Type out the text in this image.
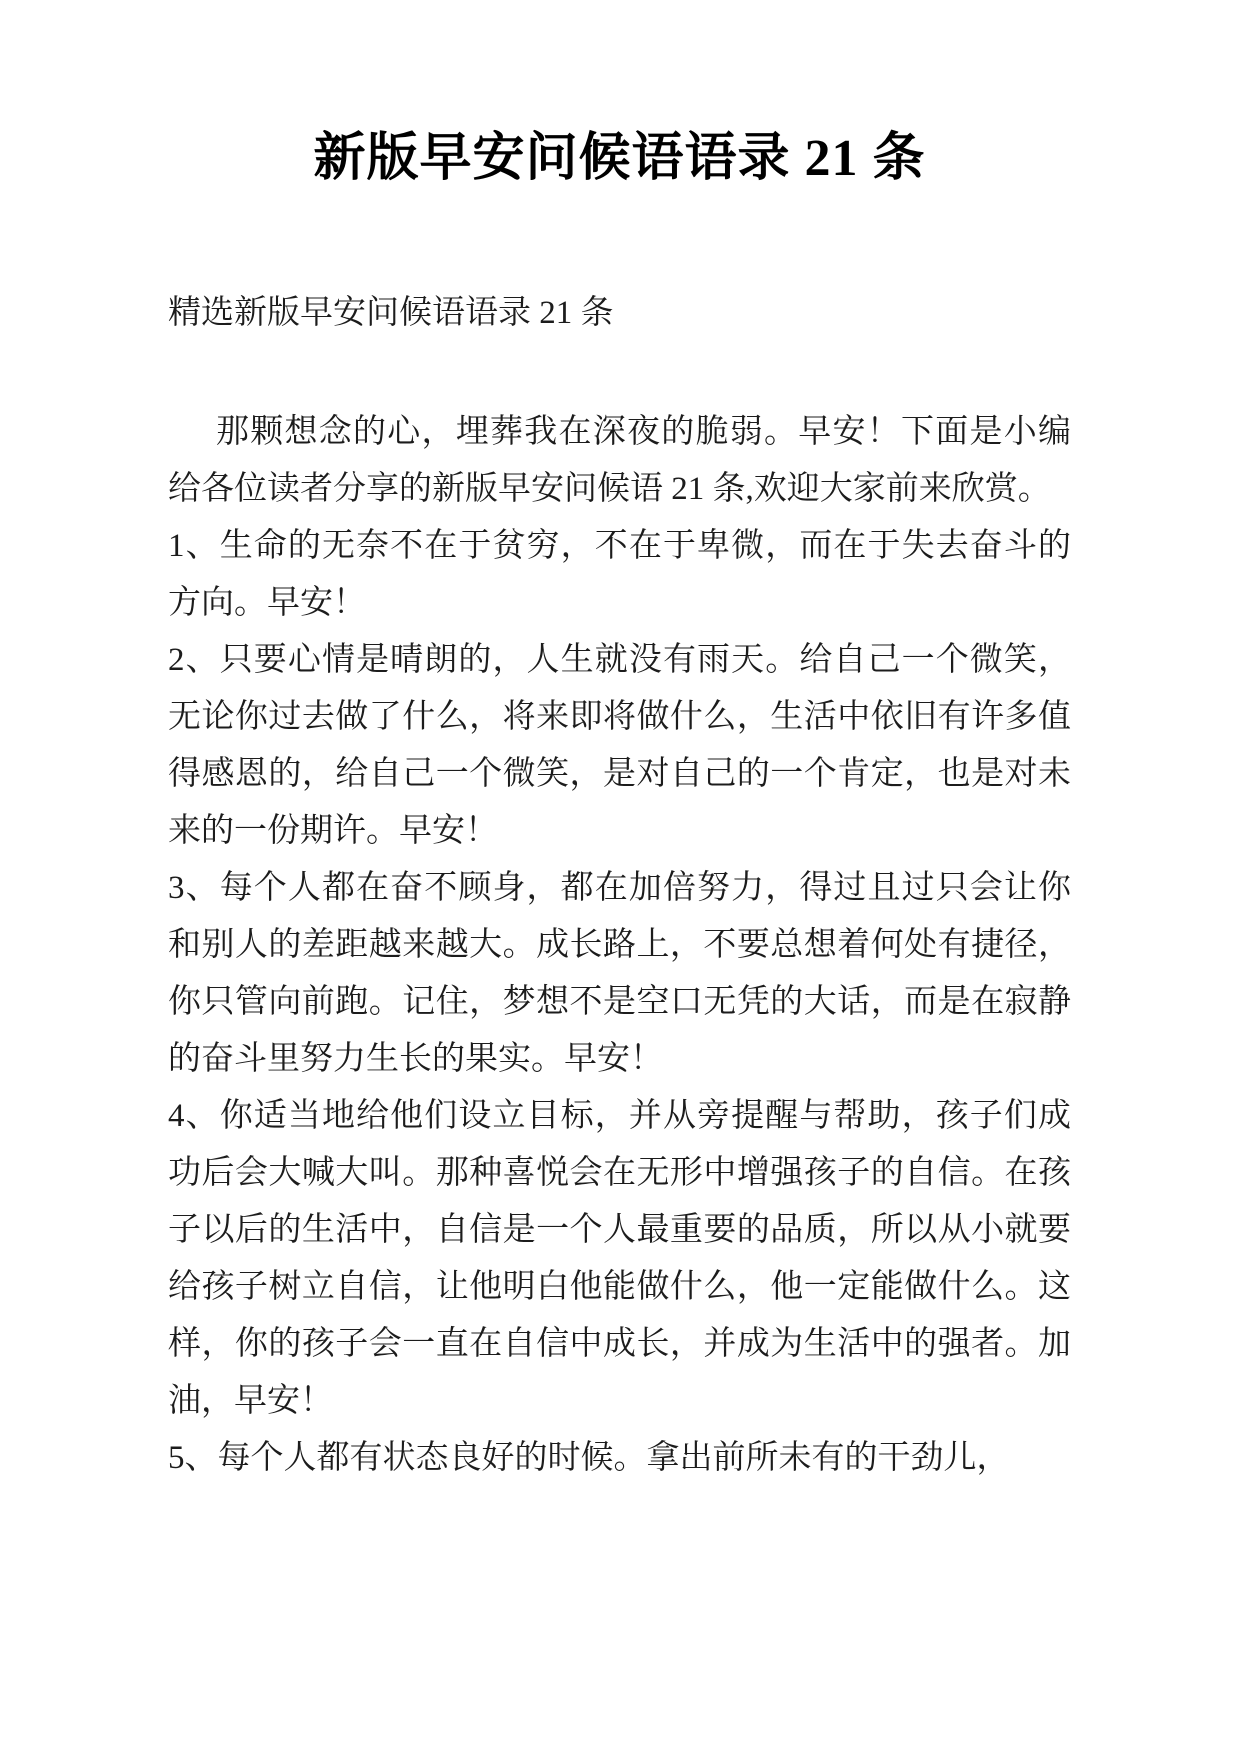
新版早安问候语语录 21 条

精选新版早安问候语语录 21 条

那颗想念的心，埋葬我在深夜的脆弱。早安！下面是小编给各位读者分享的新版早安问候语 21 条,欢迎大家前来欣赏。

1、生命的无奈不在于贫穷，不在于卑微，而在于失去奋斗的方向。早安！

2、只要心情是晴朗的，人生就没有雨天。给自己一个微笑，无论你过去做了什么，将来即将做什么，生活中依旧有许多值得感恩的，给自己一个微笑，是对自己的一个肯定，也是对未来的一份期许。早安！

3、每个人都在奋不顾身，都在加倍努力，得过且过只会让你和别人的差距越来越大。成长路上，不要总想着何处有捷径，你只管向前跑。记住，梦想不是空口无凭的大话，而是在寂静的奋斗里努力生长的果实。早安！

4、你适当地给他们设立目标，并从旁提醒与帮助，孩子们成功后会大喊大叫。那种喜悦会在无形中增强孩子的自信。在孩子以后的生活中，自信是一个人最重要的品质，所以从小就要给孩子树立自信，让他明白他能做什么，他一定能做什么。这样，你的孩子会一直在自信中成长，并成为生活中的强者。加油，早安！

5、每个人都有状态良好的时候。拿出前所未有的干劲儿，
